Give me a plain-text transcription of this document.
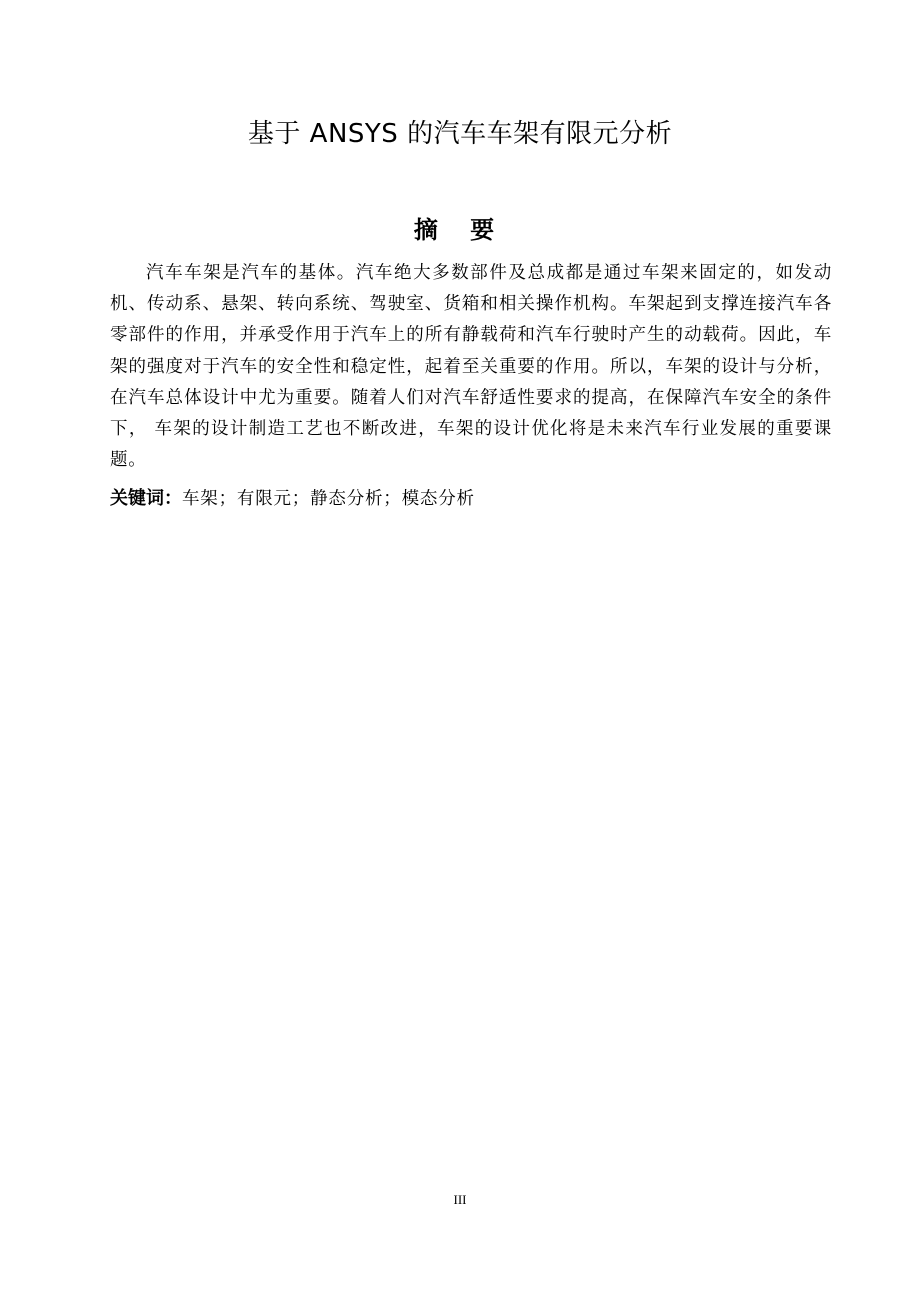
基于 ANSYS 的汽车车架有限元分析
摘 要

汽车车架是汽车的基体。汽车绝大多数部件及总成都是通过车架来固定的，如发动机、传动系、悬架、转向系统、驾驶室、货箱和相关操作机构。车架起到支撑连接汽车各零部件的作用，并承受作用于汽车上的所有静载荷和汽车行驶时产生的动载荷。因此，车架的强度对于汽车的安全性和稳定性，起着至关重要的作用。所以，车架的设计与分析，在汽车总体设计中尤为重要。随着人们对汽车舒适性要求的提高，在保障汽车安全的条件下， 车架的设计制造工艺也不断改进，车架的设计优化将是未来汽车行业发展的重要课题。

关键词：车架；有限元；静态分析；模态分析

III
